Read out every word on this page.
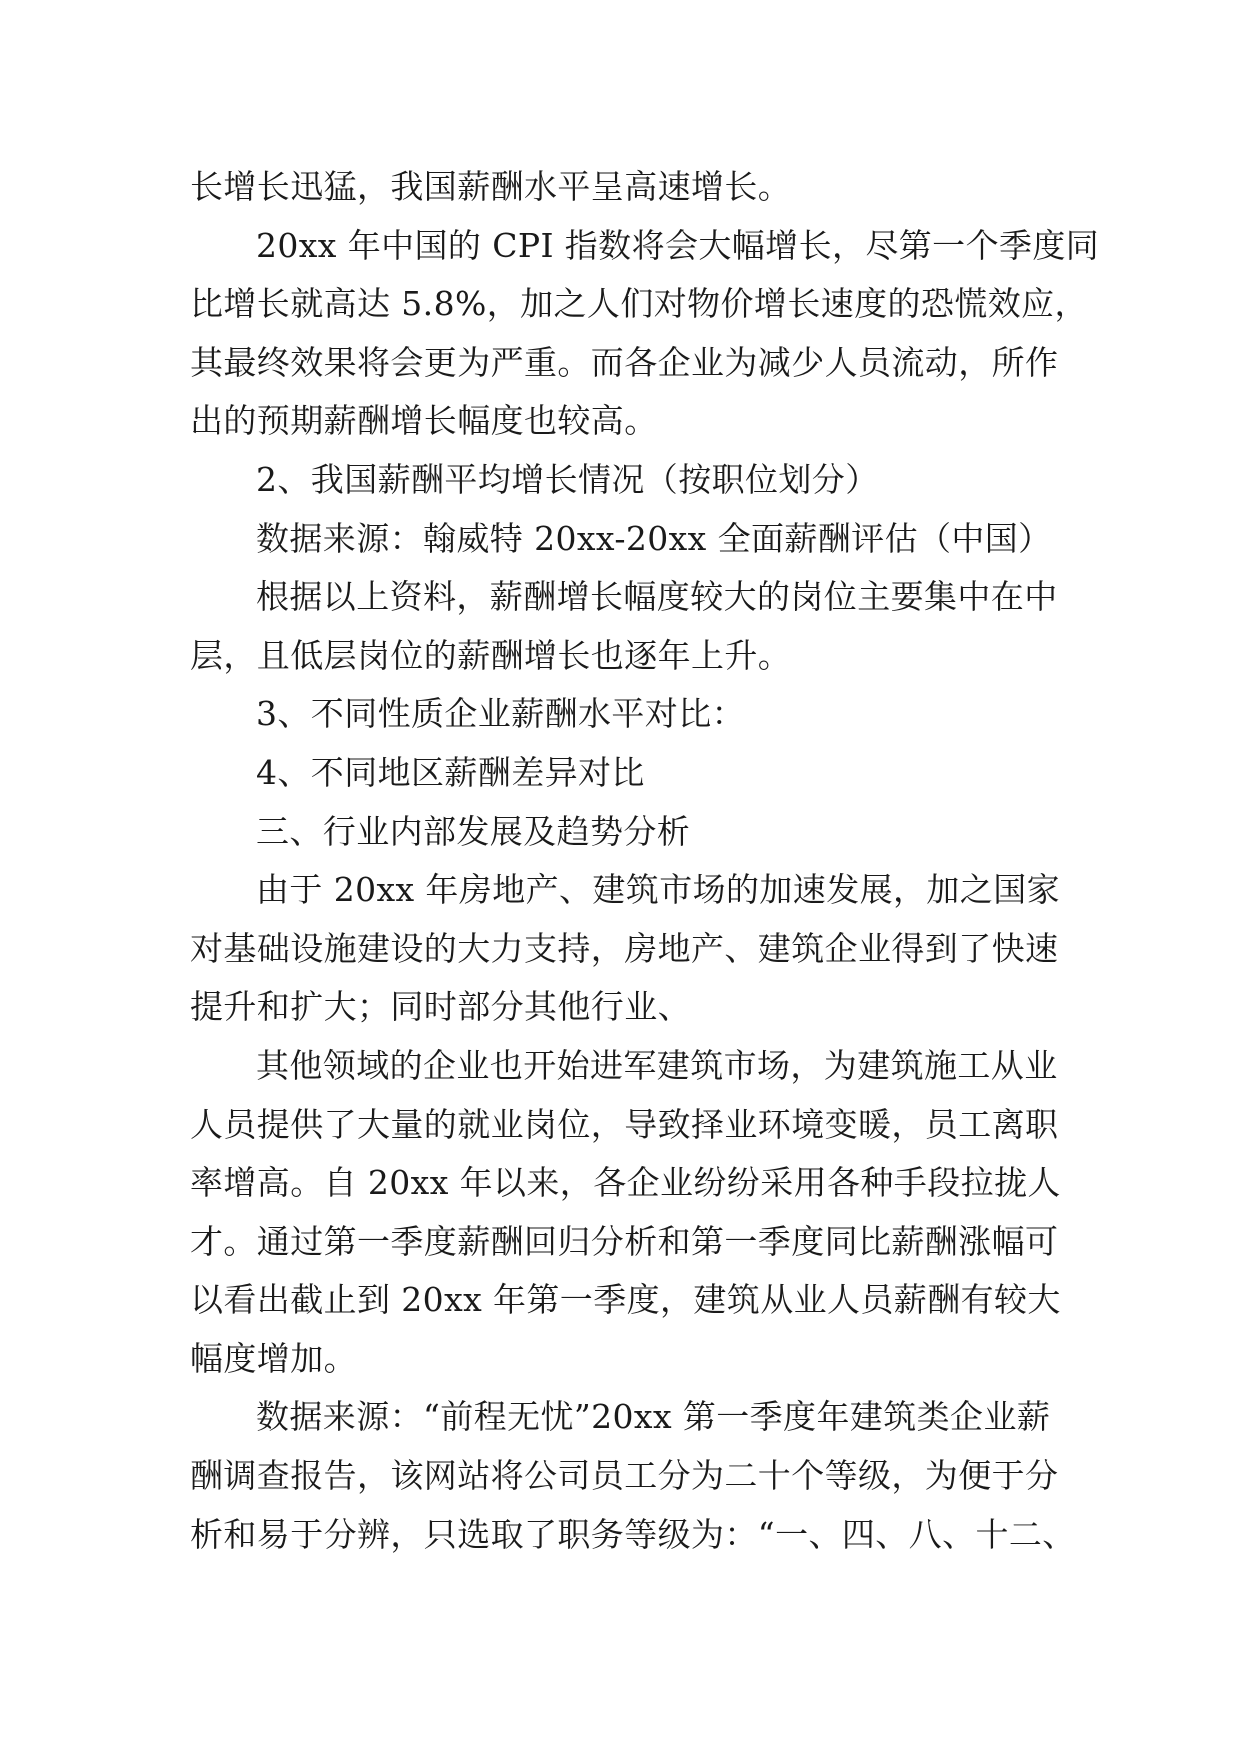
长增长迅猛，我国薪酬水平呈高速增长。
20xx 年中国的 CPI 指数将会大幅增长，尽第一个季度同
比增长就高达 5.8%，加之人们对物价增长速度的恐慌效应，
其最终效果将会更为严重。而各企业为减少人员流动，所作
出的预期薪酬增长幅度也较高。
2、我国薪酬平均增长情况（按职位划分）
数据来源：翰威特 20xx-20xx 全面薪酬评估（中国）
根据以上资料，薪酬增长幅度较大的岗位主要集中在中
层，且低层岗位的薪酬增长也逐年上升。
3、不同性质企业薪酬水平对比：
4、不同地区薪酬差异对比
三、行业内部发展及趋势分析
由于 20xx 年房地产、建筑市场的加速发展，加之国家
对基础设施建设的大力支持，房地产、建筑企业得到了快速
提升和扩大；同时部分其他行业、
其他领域的企业也开始进军建筑市场，为建筑施工从业
人员提供了大量的就业岗位，导致择业环境变暖，员工离职
率增高。自 20xx 年以来，各企业纷纷采用各种手段拉拢人
才。通过第一季度薪酬回归分析和第一季度同比薪酬涨幅可
以看出截止到 20xx 年第一季度，建筑从业人员薪酬有较大
幅度增加。
数据来源：“前程无忧”20xx 第一季度年建筑类企业薪
酬调查报告，该网站将公司员工分为二十个等级，为便于分
析和易于分辨，只选取了职务等级为：“一、四、八、十二、
